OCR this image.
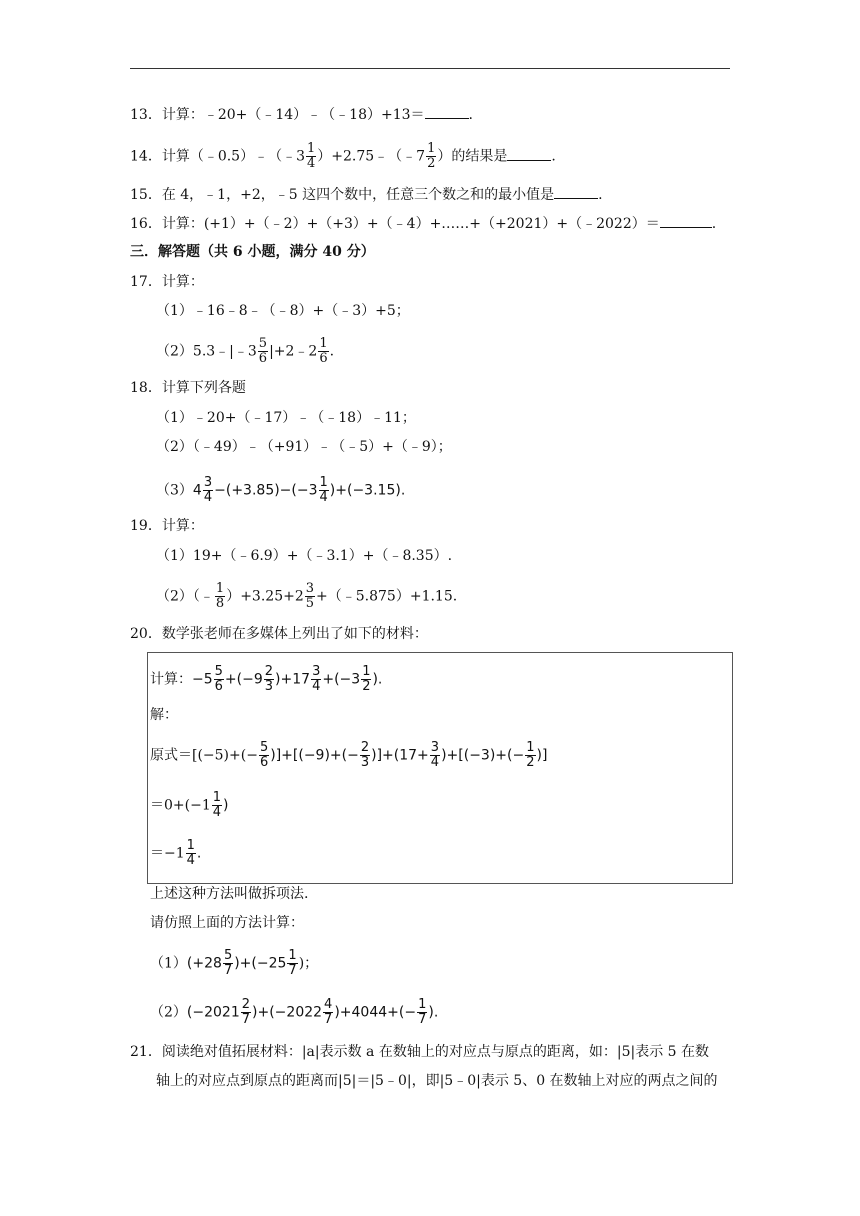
13．计算：﹣20+（﹣14）﹣（﹣18）+13＝	.
14．计算（﹣0.5）﹣（﹣3 $\frac{1}{4}$ ）+2.75﹣（﹣7 $\frac{1}{2}$ ）的结果是	.
15．在 4，﹣1，+2，﹣5 这四个数中，任意三个数之和的最小值是	.
16．计算：(+1）+（﹣2）+（+3）+（﹣4）+……+（+2021）+（﹣2022）＝	.
三．解答题（共 6 小题，满分 40 分）
17．计算：
（1）﹣16﹣8﹣（﹣8）+（﹣3）+5；
（2）5.3﹣|﹣3 $\frac{5}{6}$ |+2﹣2 $\frac{1}{6}$ .
18．计算下列各题
（1）﹣20+（﹣17）﹣（﹣18）﹣11；
（2）（﹣49）﹣（+91）﹣（﹣5）+（﹣9）；
$(3)4 \frac{3}{4} -(+3.85)-(-3 \frac{1}{4} )+(-3.15)$.
19．计算：
（1）19+（﹣6.9）+（﹣3.1）+（﹣8.35）.
（2）（﹣ $\frac{1}{8} )+3.25+2 \frac{3}{5}$ +（﹣5.875）+1.15.
20．数学张老师在多媒体上列出了如下的材料：
计算：$-5 \frac{5}{6} +(-9 \frac{2}{3} )+17 \frac{3}{4} +(-3 \frac{1}{2}$ ).
解：
原式$=[(-5)+(- \frac{5}{6} )]+[(-9)+(- \frac{2}{3} )]+(17+ \frac{3}{4} )+[(-3)+(- \frac{1}{2}$ )]
$=0+(-1 \frac{1}{4}$ )
$=-1 \frac{1}{4}$ .
上述这种方法叫做拆项法.
请仿照上面的方法计算：
$(1)(+28 \frac{5}{7} )+(-25 \frac{1}{7}$ )；
$(2)(-2021 \frac{2}{7} )+(-2022 \frac{4}{7} )+4044+(- \frac{1}{7}$ ).
21．阅读绝对值拓展材料：|a|表示数 a 在数轴上的对应点与原点的距离，如：|5|表示 5 在数
轴上的对应点到原点的距离而|5|＝|5﹣0|，即|5﹣0|表示 5、0 在数轴上对应的两点之间的
